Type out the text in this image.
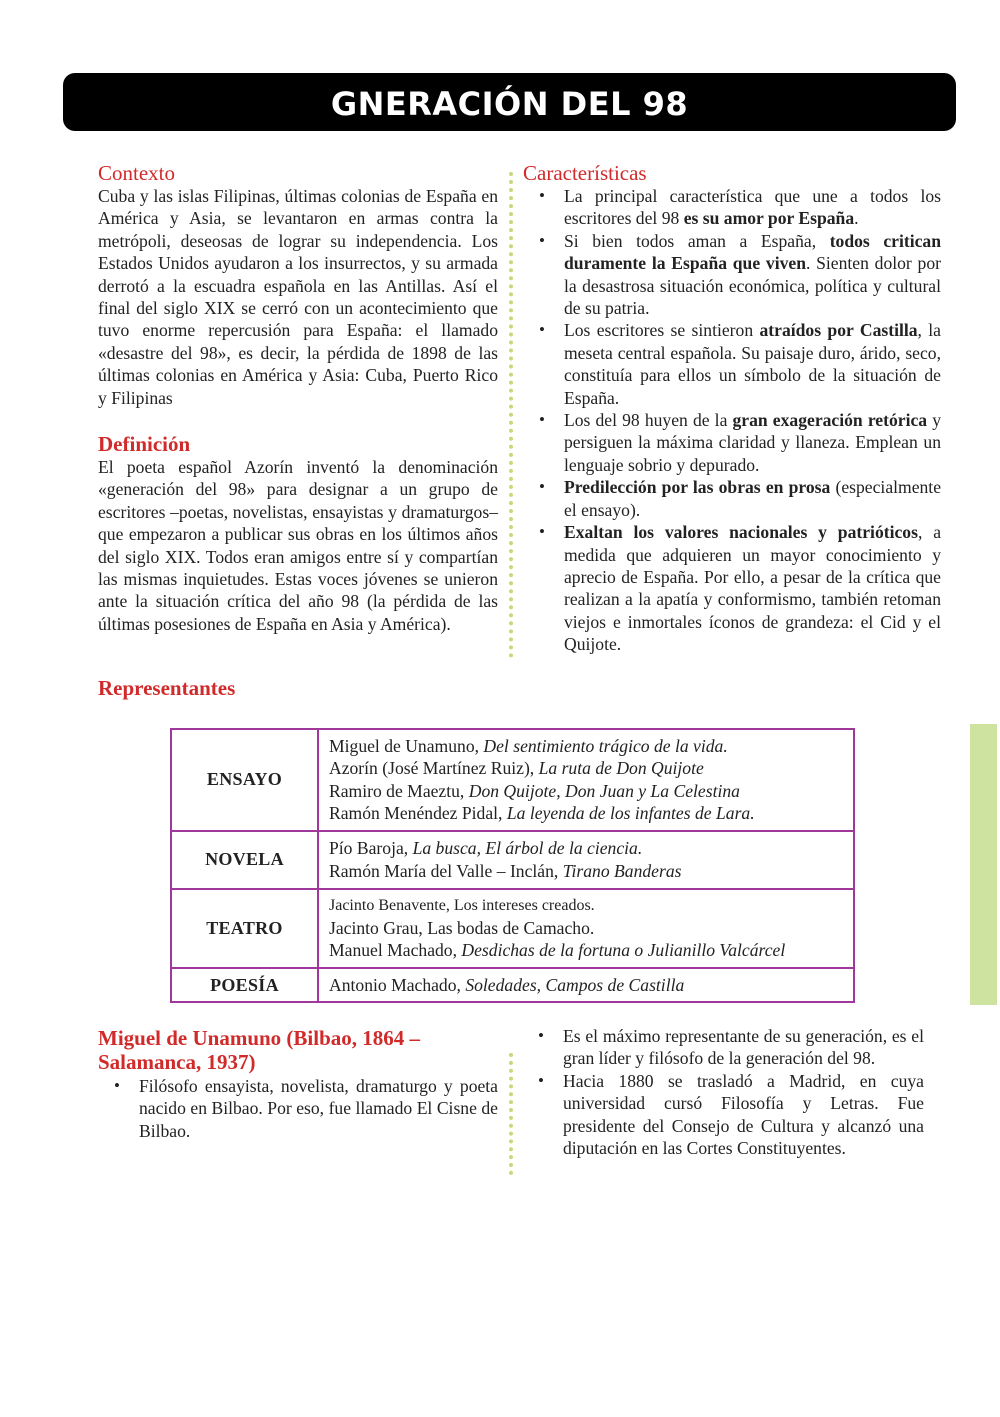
GNERACIÓN DEL 98
Contexto
Cuba y las islas Filipinas, últimas colonias de España en América y Asia, se levantaron en armas contra la metrópoli, deseosas de lograr su independencia. Los Estados Unidos ayudaron a los insurrectos, y su armada derrotó a la escuadra española en las Antillas. Así el final del siglo XIX se cerró con un acontecimiento que tuvo enorme repercusión para España: el llamado «desastre del 98», es decir, la pérdida de 1898 de las últimas colonias en América y Asia: Cuba, Puerto Rico y Filipinas
Definición
El poeta español Azorín inventó la denominación «generación del 98» para designar a un grupo de escritores –poetas, novelistas, ensayistas y dramaturgos– que empezaron a publicar sus obras en los últimos años del siglo XIX. Todos eran amigos entre sí y compartían las mismas inquietudes. Estas voces jóvenes se unieron ante la situación crítica del año 98 (la pérdida de las últimas posesiones de España en Asia y América).
Características
• La principal característica que une a todos los escritores del 98 es su amor por España.
• Si bien todos aman a España, todos critican duramente la España que viven. Sienten dolor por la desastrosa situación económica, política y cultural de su patria.
• Los escritores se sintieron atraídos por Castilla, la meseta central española. Su paisaje duro, árido, seco, constituía para ellos un símbolo de la situación de España.
• Los del 98 huyen de la gran exageración retórica y persiguen la máxima claridad y llaneza. Emplean un lenguaje sobrio y depurado.
• Predilección por las obras en prosa (especialmente el ensayo).
• Exaltan los valores nacionales y patrióticos, a medida que adquieren un mayor conocimiento y aprecio de España. Por ello, a pesar de la crítica que realizan a la apatía y conformismo, también retoman viejos e inmortales íconos de grandeza: el Cid y el Quijote.
Representantes
ENSAYO	Miguel de Unamuno, Del sentimiento trágico de la vida.
Azorín (José Martínez Ruiz), La ruta de Don Quijote
Ramiro de Maeztu, Don Quijote, Don Juan y La Celestina
Ramón Menéndez Pidal, La leyenda de los infantes de Lara.

NOVELA	Pío Baroja, La busca, El árbol de la ciencia.
Ramón María del Valle – Inclán, Tirano Banderas

TEATRO	Jacinto Benavente, Los intereses creados.
Jacinto Grau, Las bodas de Camacho.
Manuel Machado, Desdichas de la fortuna o Julianillo Valcárcel

POESÍA	Antonio Machado, Soledades, Campos de Castilla
Miguel de Unamuno (Bilbao, 1864 – Salamanca, 1937)
• Filósofo ensayista, novelista, dramaturgo y poeta nacido en Bilbao. Por eso, fue llamado El Cisne de Bilbao.
• Es el máximo representante de su generación, es el gran líder y filósofo de la generación del 98.
• Hacia 1880 se trasladó a Madrid, en cuya universidad cursó Filosofía y Letras. Fue presidente del Consejo de Cultura y alcanzó una diputación en las Cortes Constituyentes.
